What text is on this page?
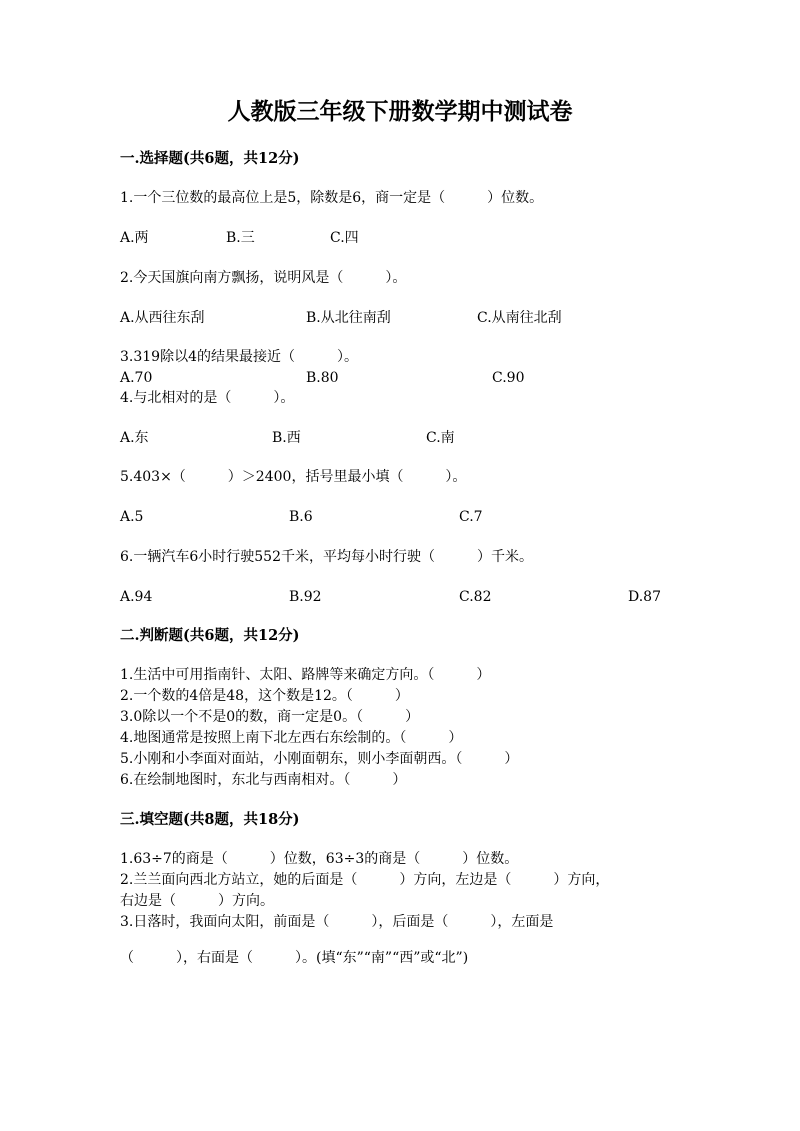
人教版三年级下册数学期中测试卷
一.选择题(共6题，共12分)
1.一个三位数的最高位上是5，除数是6，商一定是（　　　）位数。
A.两	B.三	C.四
2.今天国旗向南方飘扬，说明风是（　　　）。
A.从西往东刮	B.从北往南刮	C.从南往北刮
3.319除以4的结果最接近（　　　）。
A.70	B.80	C.90
4.与北相对的是（　　　）。
A.东	B.西	C.南
5.403×（　　　）＞2400，括号里最小填（　　　）。
A.5	B.6	C.7
6.一辆汽车6小时行驶552千米，平均每小时行驶（　　　）千米。
A.94	B.92	C.82	D.87
二.判断题(共6题，共12分)
1.生活中可用指南针、太阳、路牌等来确定方向。（　　　）
2.一个数的4倍是48，这个数是12。（　　　）
3.0除以一个不是0的数，商一定是0。（　　　）
4.地图通常是按照上南下北左西右东绘制的。（　　　）
5.小刚和小李面对面站，小刚面朝东，则小李面朝西。（　　　）
6.在绘制地图时，东北与西南相对。（　　　）
三.填空题(共8题，共18分)
1.63÷7的商是（　　　）位数，63÷3的商是（　　　）位数。
2.兰兰面向西北方站立，她的后面是（　　　）方向，左边是（　　　）方向，
右边是（　　　）方向。
3.日落时，我面向太阳，前面是（　　　），后面是（　　　），左面是
（　　　），右面是（　　　）。(填“东”“南”“西”或“北”)
